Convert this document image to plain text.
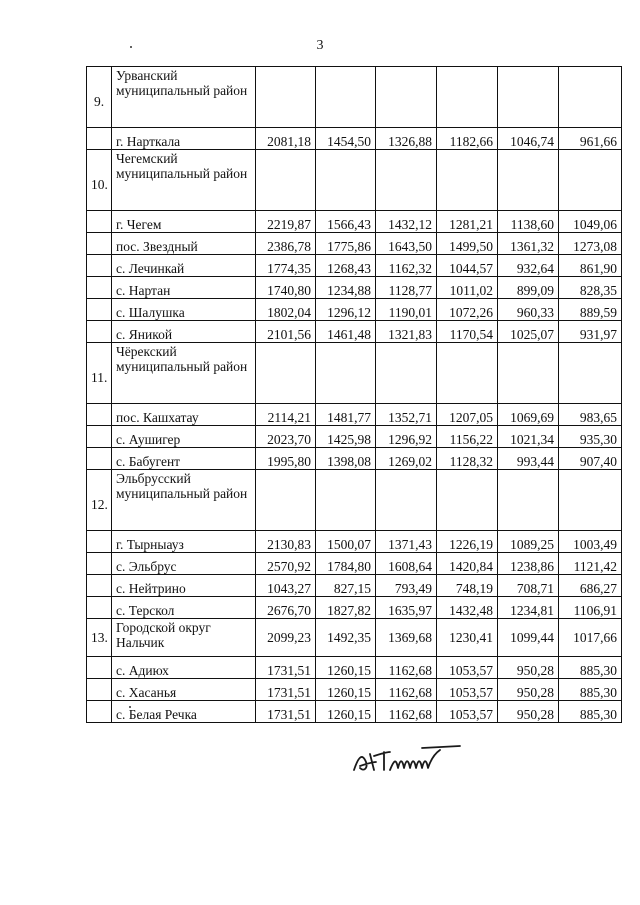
3
9.	Урванский муниципальный район						
	г. Нарткала	2081,18	1454,50	1326,88	1182,66	1046,74	961,66
10.	Чегемский муниципальный район						
	г. Чегем	2219,87	1566,43	1432,12	1281,21	1138,60	1049,06
	пос. Звездный	2386,78	1775,86	1643,50	1499,50	1361,32	1273,08
	с. Лечинкай	1774,35	1268,43	1162,32	1044,57	932,64	861,90
	с. Нартан	1740,80	1234,88	1128,77	1011,02	899,09	828,35
	с. Шалушка	1802,04	1296,12	1190,01	1072,26	960,33	889,59
	с. Яникой	2101,56	1461,48	1321,83	1170,54	1025,07	931,97
11.	Чёрекский муниципальный район						
	пос. Кашхатау	2114,21	1481,77	1352,71	1207,05	1069,69	983,65
	с. Аушигер	2023,70	1425,98	1296,92	1156,22	1021,34	935,30
	с. Бабугент	1995,80	1398,08	1269,02	1128,32	993,44	907,40
12.	Эльбрусский муниципальный район						
	г. Тырныауз	2130,83	1500,07	1371,43	1226,19	1089,25	1003,49
	с. Эльбрус	2570,92	1784,80	1608,64	1420,84	1238,86	1121,42
	с. Нейтрино	1043,27	827,15	793,49	748,19	708,71	686,27
	с. Терскол	2676,70	1827,82	1635,97	1432,48	1234,81	1106,91
13.	Городской округ Нальчик	2099,23	1492,35	1369,68	1230,41	1099,44	1017,66
	с. Адиюх	1731,51	1260,15	1162,68	1053,57	950,28	885,30
	с. Хасанья	1731,51	1260,15	1162,68	1053,57	950,28	885,30
	с. Белая Речка	1731,51	1260,15	1162,68	1053,57	950,28	885,30
